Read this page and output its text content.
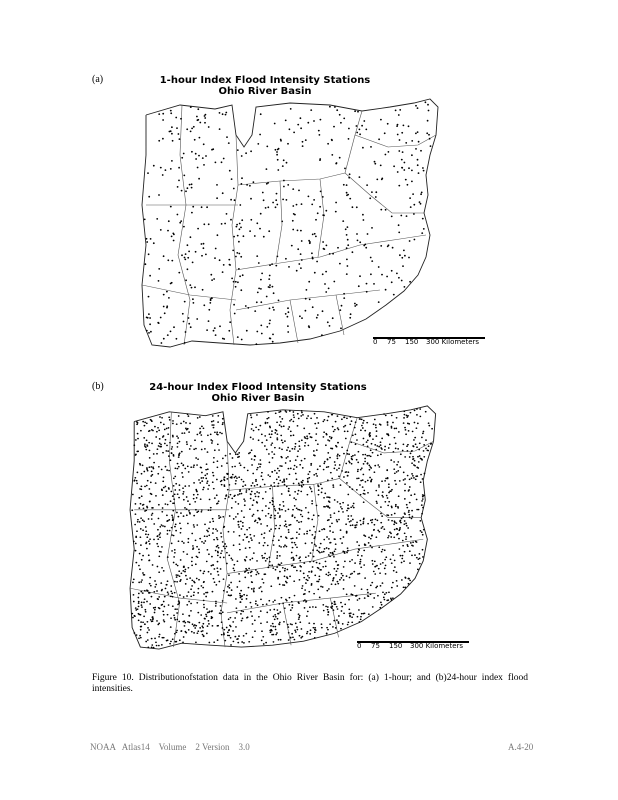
(a)	1-hour Index Flood Intensity Stations
Ohio River Basin
0 75 150 300 Kilometers
(b)	24-hour Index Flood Intensity Stations
Ohio River Basin
0 75 150 300 Kilometers
Figure 10. Distributionofstation data in the Ohio River Basin for: (a) 1-hour; and (b)24-hour index flood intensities.
NOAA   Atlas14    Volume    2 Version    3.0	A.4-20
